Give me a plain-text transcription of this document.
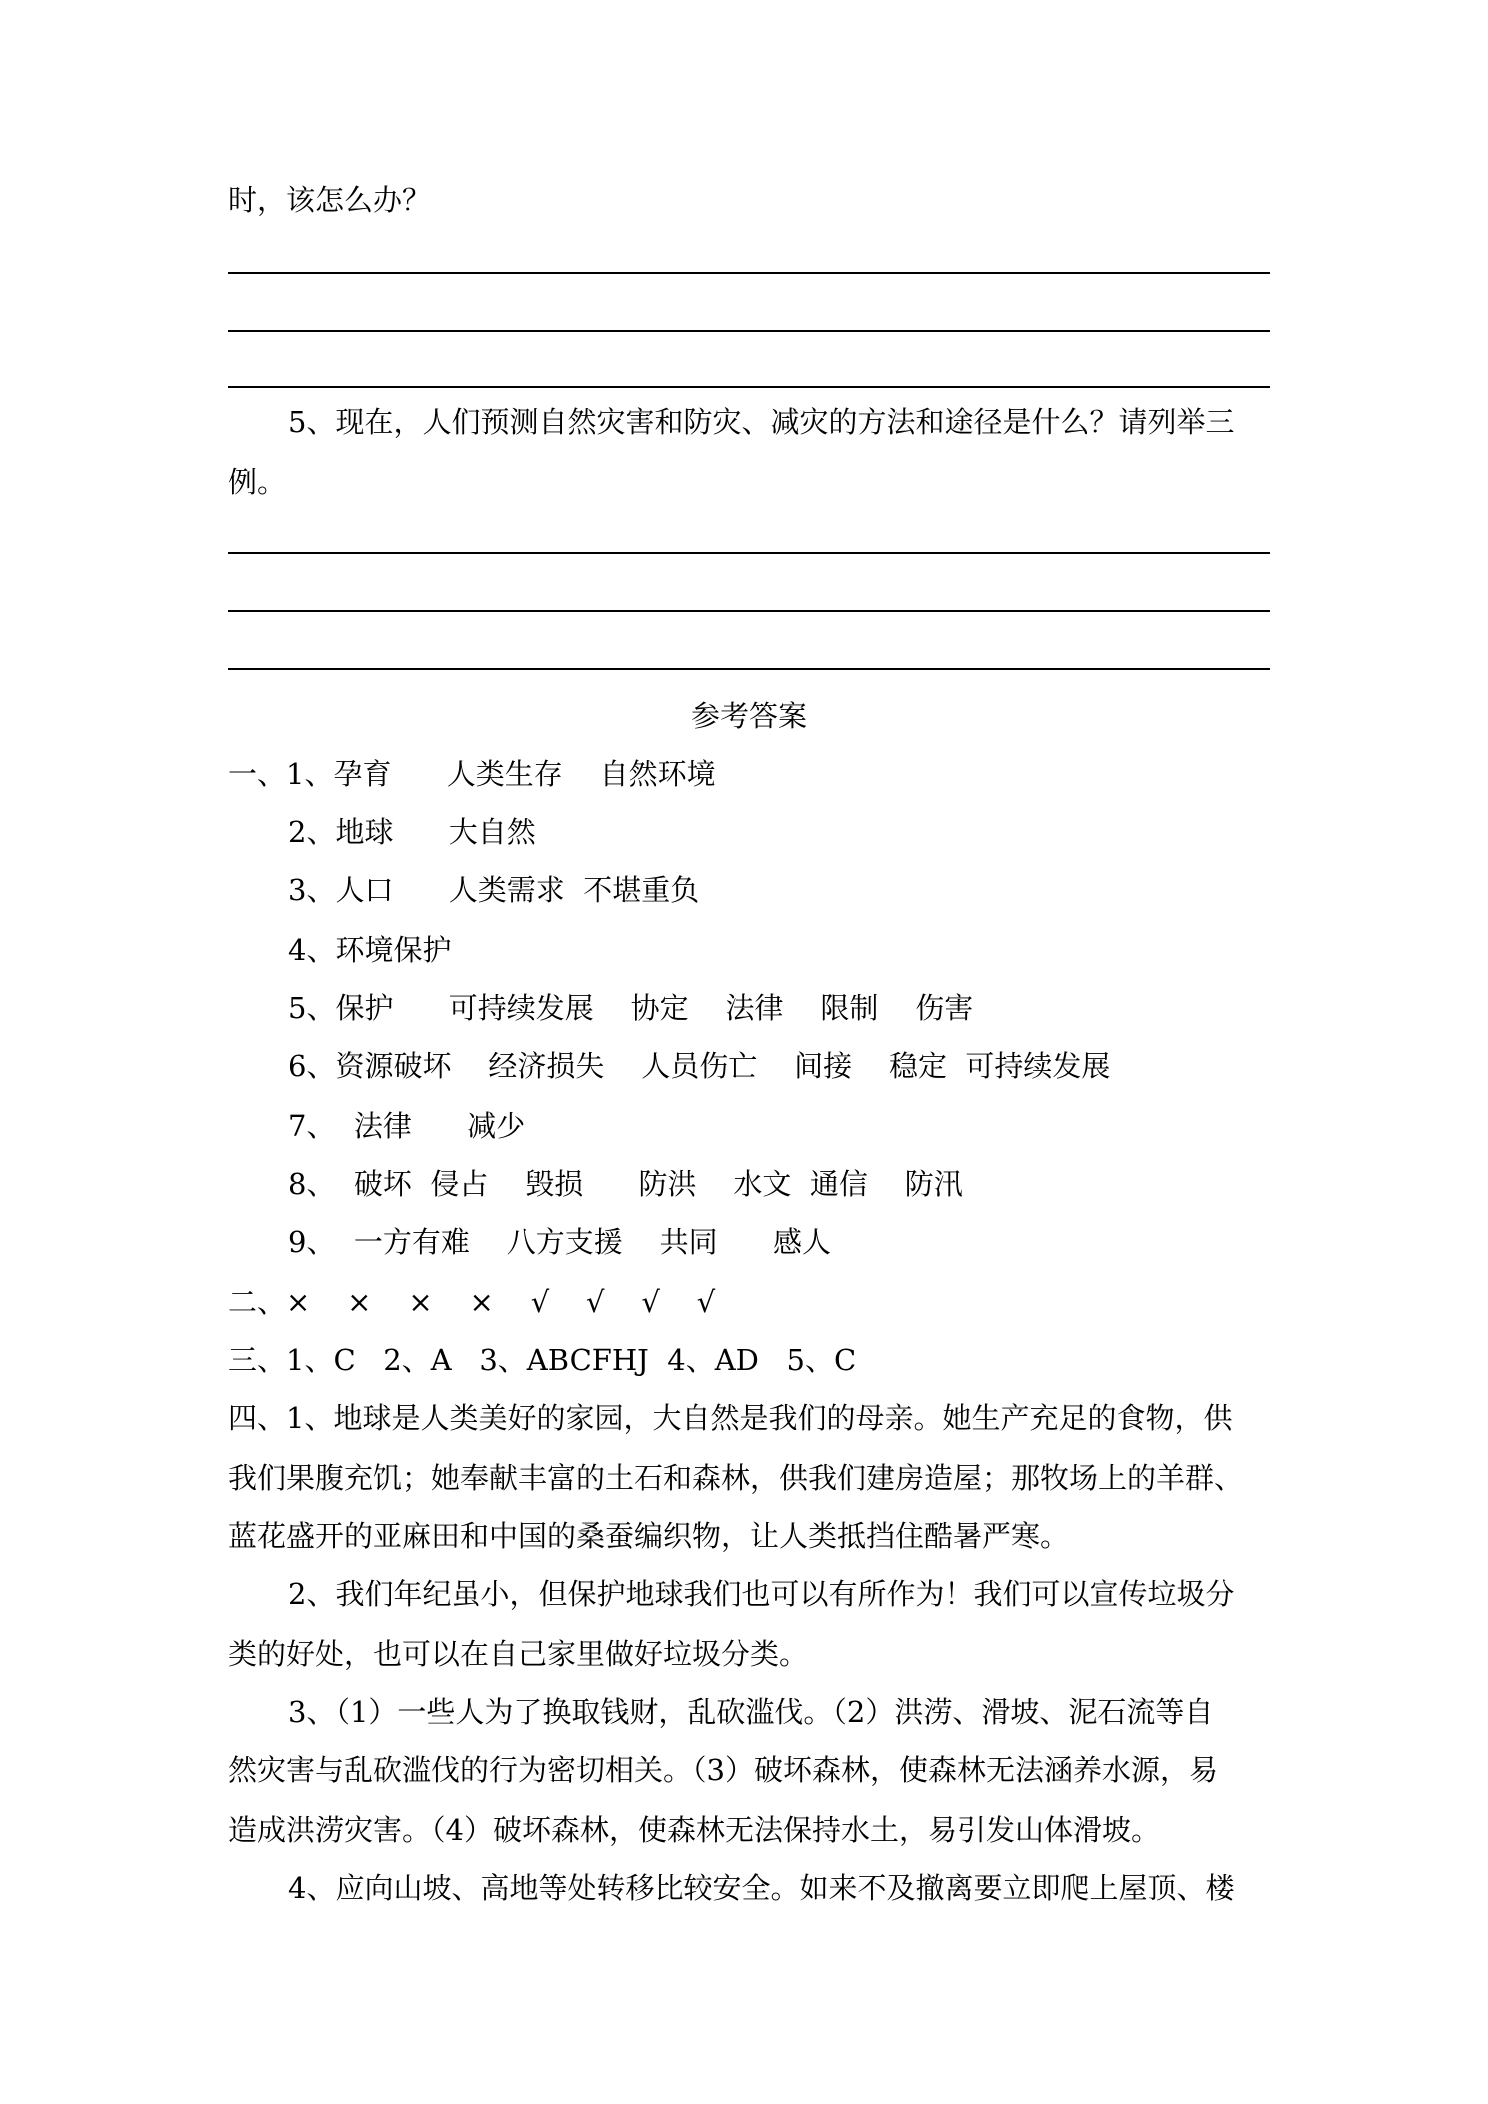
时，该怎么办？

5、现在，人们预测自然灾害和防灾、减灾的方法和途径是什么？请列举三

例。

参考答案

一、1、孕育      人类生存    自然环境

2、地球      大自然

3、人口      人类需求  不堪重负

4、环境保护

5、保护      可持续发展    协定    法律    限制    伤害

6、资源破坏    经济损失    人员伤亡    间接    稳定  可持续发展

7、  法律      减少

8、  破坏  侵占    毁损      防洪    水文  通信    防汛

9、  一方有难    八方支援    共同      感人

二、×    ×    ×    ×    √    √    √    √

三、1、C   2、A   3、ABCFHJ  4、AD   5、C

四、1、地球是人类美好的家园，大自然是我们的母亲。她生产充足的食物，供

我们果腹充饥；她奉献丰富的土石和森林，供我们建房造屋；那牧场上的羊群、

蓝花盛开的亚麻田和中国的桑蚕编织物，让人类抵挡住酷暑严寒。

2、我们年纪虽小，但保护地球我们也可以有所作为！我们可以宣传垃圾分

类的好处，也可以在自己家里做好垃圾分类。

3、（1）一些人为了换取钱财，乱砍滥伐。（2）洪涝、滑坡、泥石流等自

然灾害与乱砍滥伐的行为密切相关。（3）破坏森林，使森林无法涵养水源，易

造成洪涝灾害。（4）破坏森林，使森林无法保持水土，易引发山体滑坡。

4、应向山坡、高地等处转移比较安全。如来不及撤离要立即爬上屋顶、楼
